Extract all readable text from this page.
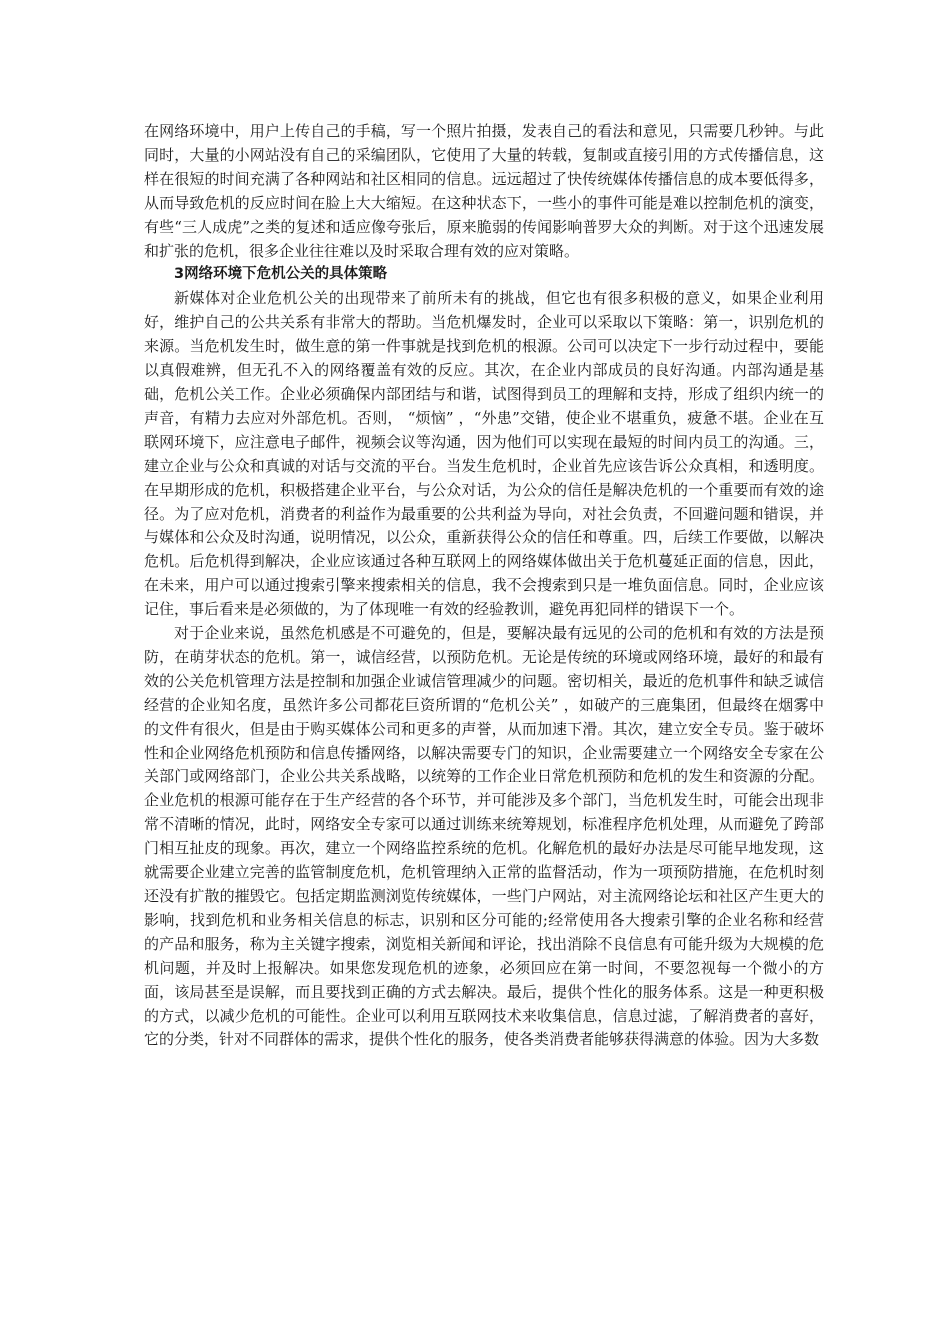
在网络环境中，用户上传自己的手稿，写一个照片拍摄，发表自己的看法和意见，只需要几秒钟。与此同时，大量的小网站没有自己的采编团队，它使用了大量的转载，复制或直接引用的方式传播信息，这样在很短的时间充满了各种网站和社区相同的信息。远远超过了快传统媒体传播信息的成本要低得多，从而导致危机的反应时间在脸上大大缩短。在这种状态下，一些小的事件可能是难以控制危机的演变，有些“三人成虎”之类的复述和适应像夸张后，原来脆弱的传闻影响普罗大众的判断。对于这个迅速发展和扩张的危机，很多企业往往难以及时采取合理有效的应对策略。

3网络环境下危机公关的具体策略

新媒体对企业危机公关的出现带来了前所未有的挑战，但它也有很多积极的意义，如果企业利用好，维护自己的公共关系有非常大的帮助。当危机爆发时，企业可以采取以下策略：第一，识别危机的来源。当危机发生时，做生意的第一件事就是找到危机的根源。公司可以决定下一步行动过程中，要能以真假难辨，但无孔不入的网络覆盖有效的反应。其次，在企业内部成员的良好沟通。内部沟通是基础，危机公关工作。企业必须确保内部团结与和谐，试图得到员工的理解和支持，形成了组织内统一的声音，有精力去应对外部危机。否则， “烦恼” ，“外患”交错，使企业不堪重负，疲惫不堪。企业在互联网环境下，应注意电子邮件，视频会议等沟通，因为他们可以实现在最短的时间内员工的沟通。三，建立企业与公众和真诚的对话与交流的平台。当发生危机时，企业首先应该告诉公众真相，和透明度。在早期形成的危机，积极搭建企业平台，与公众对话，为公众的信任是解决危机的一个重要而有效的途径。为了应对危机，消费者的利益作为最重要的公共利益为导向，对社会负责，不回避问题和错误，并与媒体和公众及时沟通，说明情况，以公众，重新获得公众的信任和尊重。四，后续工作要做，以解决危机。后危机得到解决，企业应该通过各种互联网上的网络媒体做出关于危机蔓延正面的信息，因此，在未来，用户可以通过搜索引擎来搜索相关的信息，我不会搜索到只是一堆负面信息。同时，企业应该记住，事后看来是必须做的，为了体现唯一有效的经验教训，避免再犯同样的错误下一个。

对于企业来说，虽然危机感是不可避免的，但是，要解决最有远见的公司的危机和有效的方法是预防，在萌芽状态的危机。第一，诚信经营，以预防危机。无论是传统的环境或网络环境，最好的和最有效的公关危机管理方法是控制和加强企业诚信管理减少的问题。密切相关，最近的危机事件和缺乏诚信经营的企业知名度，虽然许多公司都花巨资所谓的“危机公关” ，如破产的三鹿集团，但最终在烟雾中的文件有很火，但是由于购买媒体公司和更多的声誉，从而加速下滑。其次，建立安全专员。鉴于破坏性和企业网络危机预防和信息传播网络，以解决需要专门的知识，企业需要建立一个网络安全专家在公关部门或网络部门，企业公共关系战略，以统筹的工作企业日常危机预防和危机的发生和资源的分配。企业危机的根源可能存在于生产经营的各个环节，并可能涉及多个部门，当危机发生时，可能会出现非常不清晰的情况，此时，网络安全专家可以通过训练来统筹规划，标准程序危机处理，从而避免了跨部门相互扯皮的现象。再次，建立一个网络监控系统的危机。化解危机的最好办法是尽可能早地发现，这就需要企业建立完善的监管制度危机，危机管理纳入正常的监督活动，作为一项预防措施，在危机时刻还没有扩散的摧毁它。包括定期监测浏览传统媒体，一些门户网站，对主流网络论坛和社区产生更大的影响，找到危机和业务相关信息的标志，识别和区分可能的;经常使用各大搜索引擎的企业名称和经营的产品和服务，称为主关键字搜索，浏览相关新闻和评论，找出消除不良信息有可能升级为大规模的危机问题，并及时上报解决。如果您发现危机的迹象，必须回应在第一时间，不要忽视每一个微小的方面，该局甚至是误解，而且要找到正确的方式去解决。最后，提供个性化的服务体系。这是一种更积极的方式，以减少危机的可能性。企业可以利用互联网技术来收集信息，信息过滤，了解消费者的喜好，它的分类，针对不同群体的需求，提供个性化的服务，使各类消费者能够获得满意的体验。因为大多数
